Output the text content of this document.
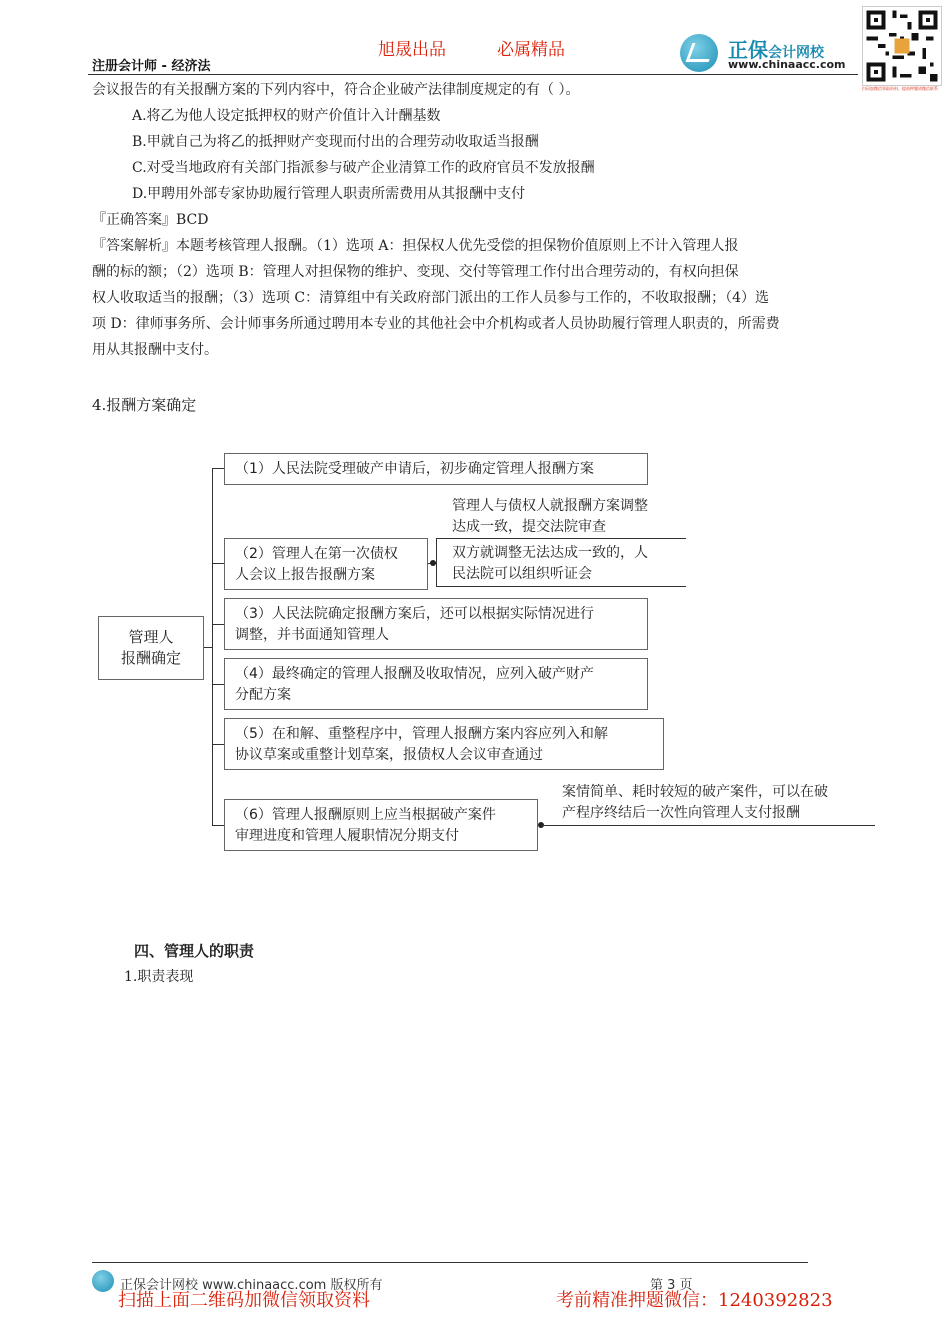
旭晟出品	必属精品
注册会计师 - 经济法
正保会计网校
www.chinaacc.com
扫码加微信领取资料，提前押题请微信联系

会议报告的有关报酬方案的下列内容中，符合企业破产法律制度规定的有（ ）。

A.将乙为他人设定抵押权的财产价值计入计酬基数

B.甲就自己为将乙的抵押财产变现而付出的合理劳动收取适当报酬

C.对受当地政府有关部门指派参与破产企业清算工作的政府官员不发放报酬

D.甲聘用外部专家协助履行管理人职责所需费用从其报酬中支付

『正确答案』BCD

『答案解析』本题考核管理人报酬。（1）选项 A：担保权人优先受偿的担保物价值原则上不计入管理人报

酬的标的额；（2）选项 B：管理人对担保物的维护、变现、交付等管理工作付出合理劳动的，有权向担保

权人收取适当的报酬；（3）选项 C：清算组中有关政府部门派出的工作人员参与工作的，不收取报酬；（4）选

项 D：律师事务所、会计师事务所通过聘用本专业的其他社会中介机构或者人员协助履行管理人职责的，所需费

用从其报酬中支付。

4.报酬方案确定
管理人
报酬确定
（1）人民法院受理破产申请后，初步确定管理人报酬方案
（2）管理人在第一次债权
人会议上报告报酬方案
管理人与债权人就报酬方案调整
达成一致，提交法院审查
双方就调整无法达成一致的，人
民法院可以组织听证会
（3）人民法院确定报酬方案后，还可以根据实际情况进行
调整，并书面通知管理人
（4）最终确定的管理人报酬及收取情况，应列入破产财产
分配方案
（5）在和解、重整程序中，管理人报酬方案内容应列入和解
协议草案或重整计划草案，报债权人会议审查通过
（6）管理人报酬原则上应当根据破产案件
审理进度和管理人履职情况分期支付
案情简单、耗时较短的破产案件，可以在破
产程序终结后一次性向管理人支付报酬
四、管理人的职责
1.职责表现
正保会计网校 www.chinaacc.com 版权所有	第 3 页
扫描上面二维码加微信领取资料	考前精准押题微信：1240392823
